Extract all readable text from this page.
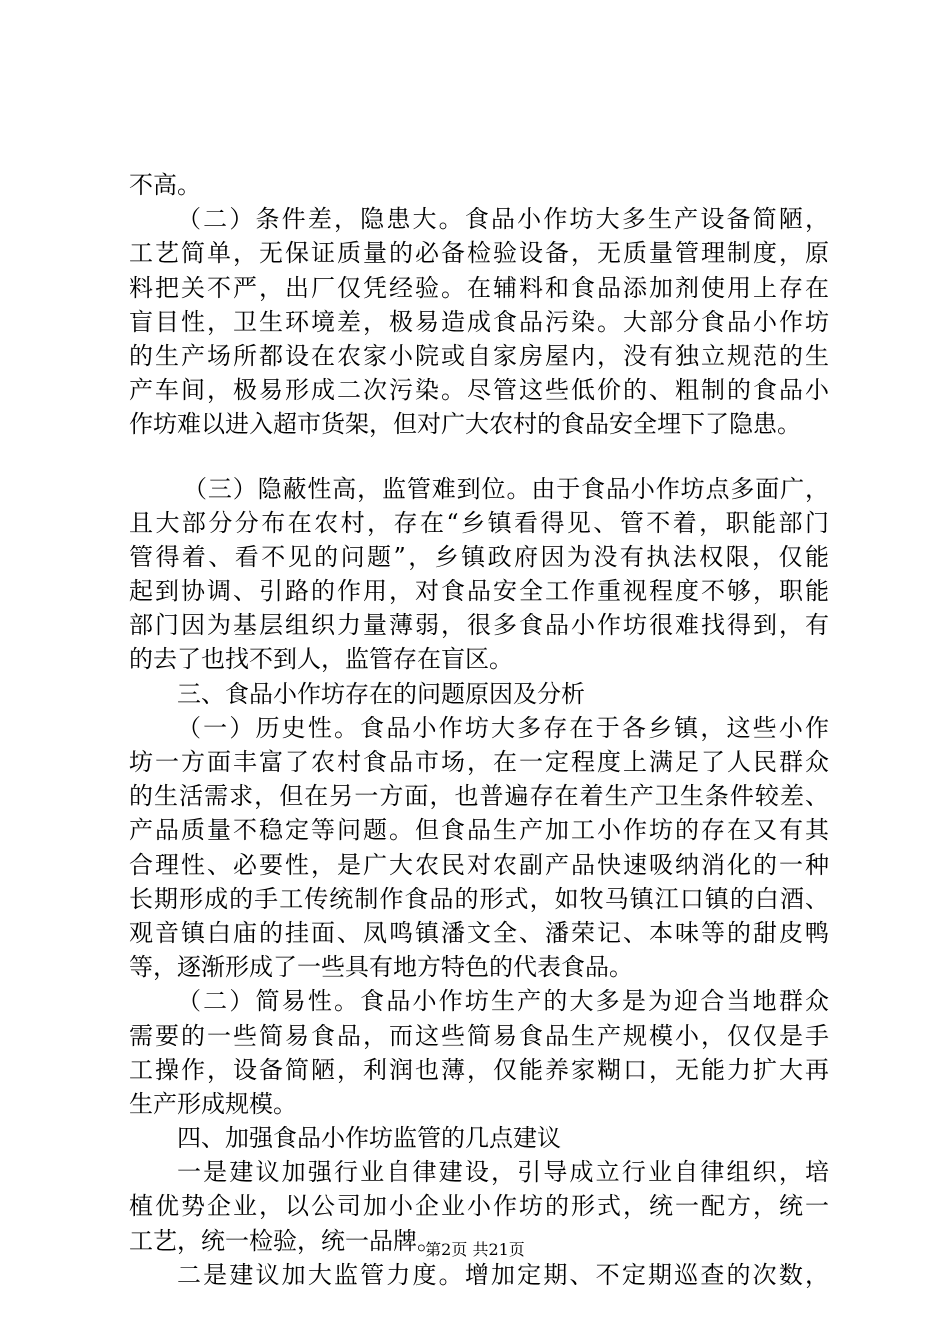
不高。
（二）条件差，隐患大。食品小作坊大多生产设备简陋，
工艺简单，无保证质量的必备检验设备，无质量管理制度，原
料把关不严，出厂仅凭经验。在辅料和食品添加剂使用上存在
盲目性，卫生环境差，极易造成食品污染。大部分食品小作坊
的生产场所都设在农家小院或自家房屋内，没有独立规范的生
产车间，极易形成二次污染。尽管这些低价的、粗制的食品小
作坊难以进入超市货架，但对广大农村的食品安全埋下了隐患。
（三）隐蔽性高，监管难到位。由于食品小作坊点多面广，
且大部分分布在农村，存在“乡镇看得见、管不着，职能部门
管得着、看不见的问题”，乡镇政府因为没有执法权限，仅能
起到协调、引路的作用，对食品安全工作重视程度不够，职能
部门因为基层组织力量薄弱，很多食品小作坊很难找得到，有
的去了也找不到人，监管存在盲区。
三、食品小作坊存在的问题原因及分析
（一）历史性。食品小作坊大多存在于各乡镇，这些小作
坊一方面丰富了农村食品市场，在一定程度上满足了人民群众
的生活需求，但在另一方面，也普遍存在着生产卫生条件较差、
产品质量不稳定等问题。但食品生产加工小作坊的存在又有其
合理性、必要性，是广大农民对农副产品快速吸纳消化的一种
长期形成的手工传统制作食品的形式，如牧马镇江口镇的白酒、
观音镇白庙的挂面、凤鸣镇潘文全、潘荣记、本味等的甜皮鸭
等，逐渐形成了一些具有地方特色的代表食品。
（二）简易性。食品小作坊生产的大多是为迎合当地群众
需要的一些简易食品，而这些简易食品生产规模小，仅仅是手
工操作，设备简陋，利润也薄，仅能养家糊口，无能力扩大再
生产形成规模。
四、加强食品小作坊监管的几点建议
一是建议加强行业自律建设，引导成立行业自律组织，培
植优势企业，以公司加小企业小作坊的形式，统一配方，统一
工艺，统一检验，统一品牌。
二是建议加大监管力度。增加定期、不定期巡查的次数，
第2页 共21页
